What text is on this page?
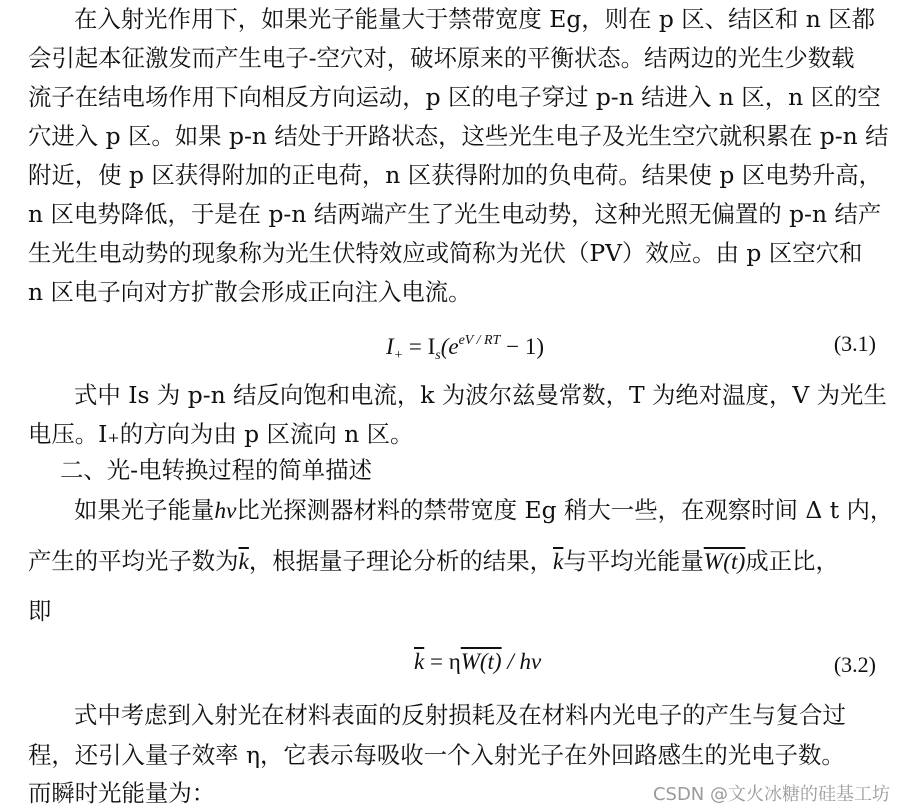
在入射光作用下，如果光子能量大于禁带宽度 Eg，则在 p 区、结区和 n 区都
会引起本征激发而产生电子-空穴对，破坏原来的平衡状态。结两边的光生少数载
流子在结电场作用下向相反方向运动，p 区的电子穿过 p-n 结进入 n 区，n 区的空
穴进入 p 区。如果 p-n 结处于开路状态，这些光生电子及光生空穴就积累在 p-n 结
附近，使 p 区获得附加的正电荷，n 区获得附加的负电荷。结果使 p 区电势升高，
n 区电势降低，于是在 p-n 结两端产生了光生电动势，这种光照无偏置的 p-n 结产
生光生电动势的现象称为光生伏特效应或简称为光伏（PV）效应。由 p 区空穴和
n 区电子向对方扩散会形成正向注入电流。
$I_+ = I_s(e^{eV / RT} - 1)$	(3.1)
式中 Is 为 p-n 结反向饱和电流，k 为波尔兹曼常数，T 为绝对温度，V 为光生
电压。I₊的方向为由 p 区流向 n 区。
二、光-电转换过程的简单描述
如果光子能量hv比光探测器材料的禁带宽度 Eg 稍大一些，在观察时间 Δ t 内，
产生的平均光子数为$\overline{k}$，根据量子理论分析的结果，$\overline{k}$与平均光能量W(t)成正比，
即
$\overline{k} = \eta W(t)$ / hv	(3.2)
式中考虑到入射光在材料表面的反射损耗及在材料内光电子的产生与复合过
程，还引入量子效率 η，它表示每吸收一个入射光子在外回路感生的光电子数。
而瞬时光能量为：	CSDN @文火冰糖的硅基工坊
